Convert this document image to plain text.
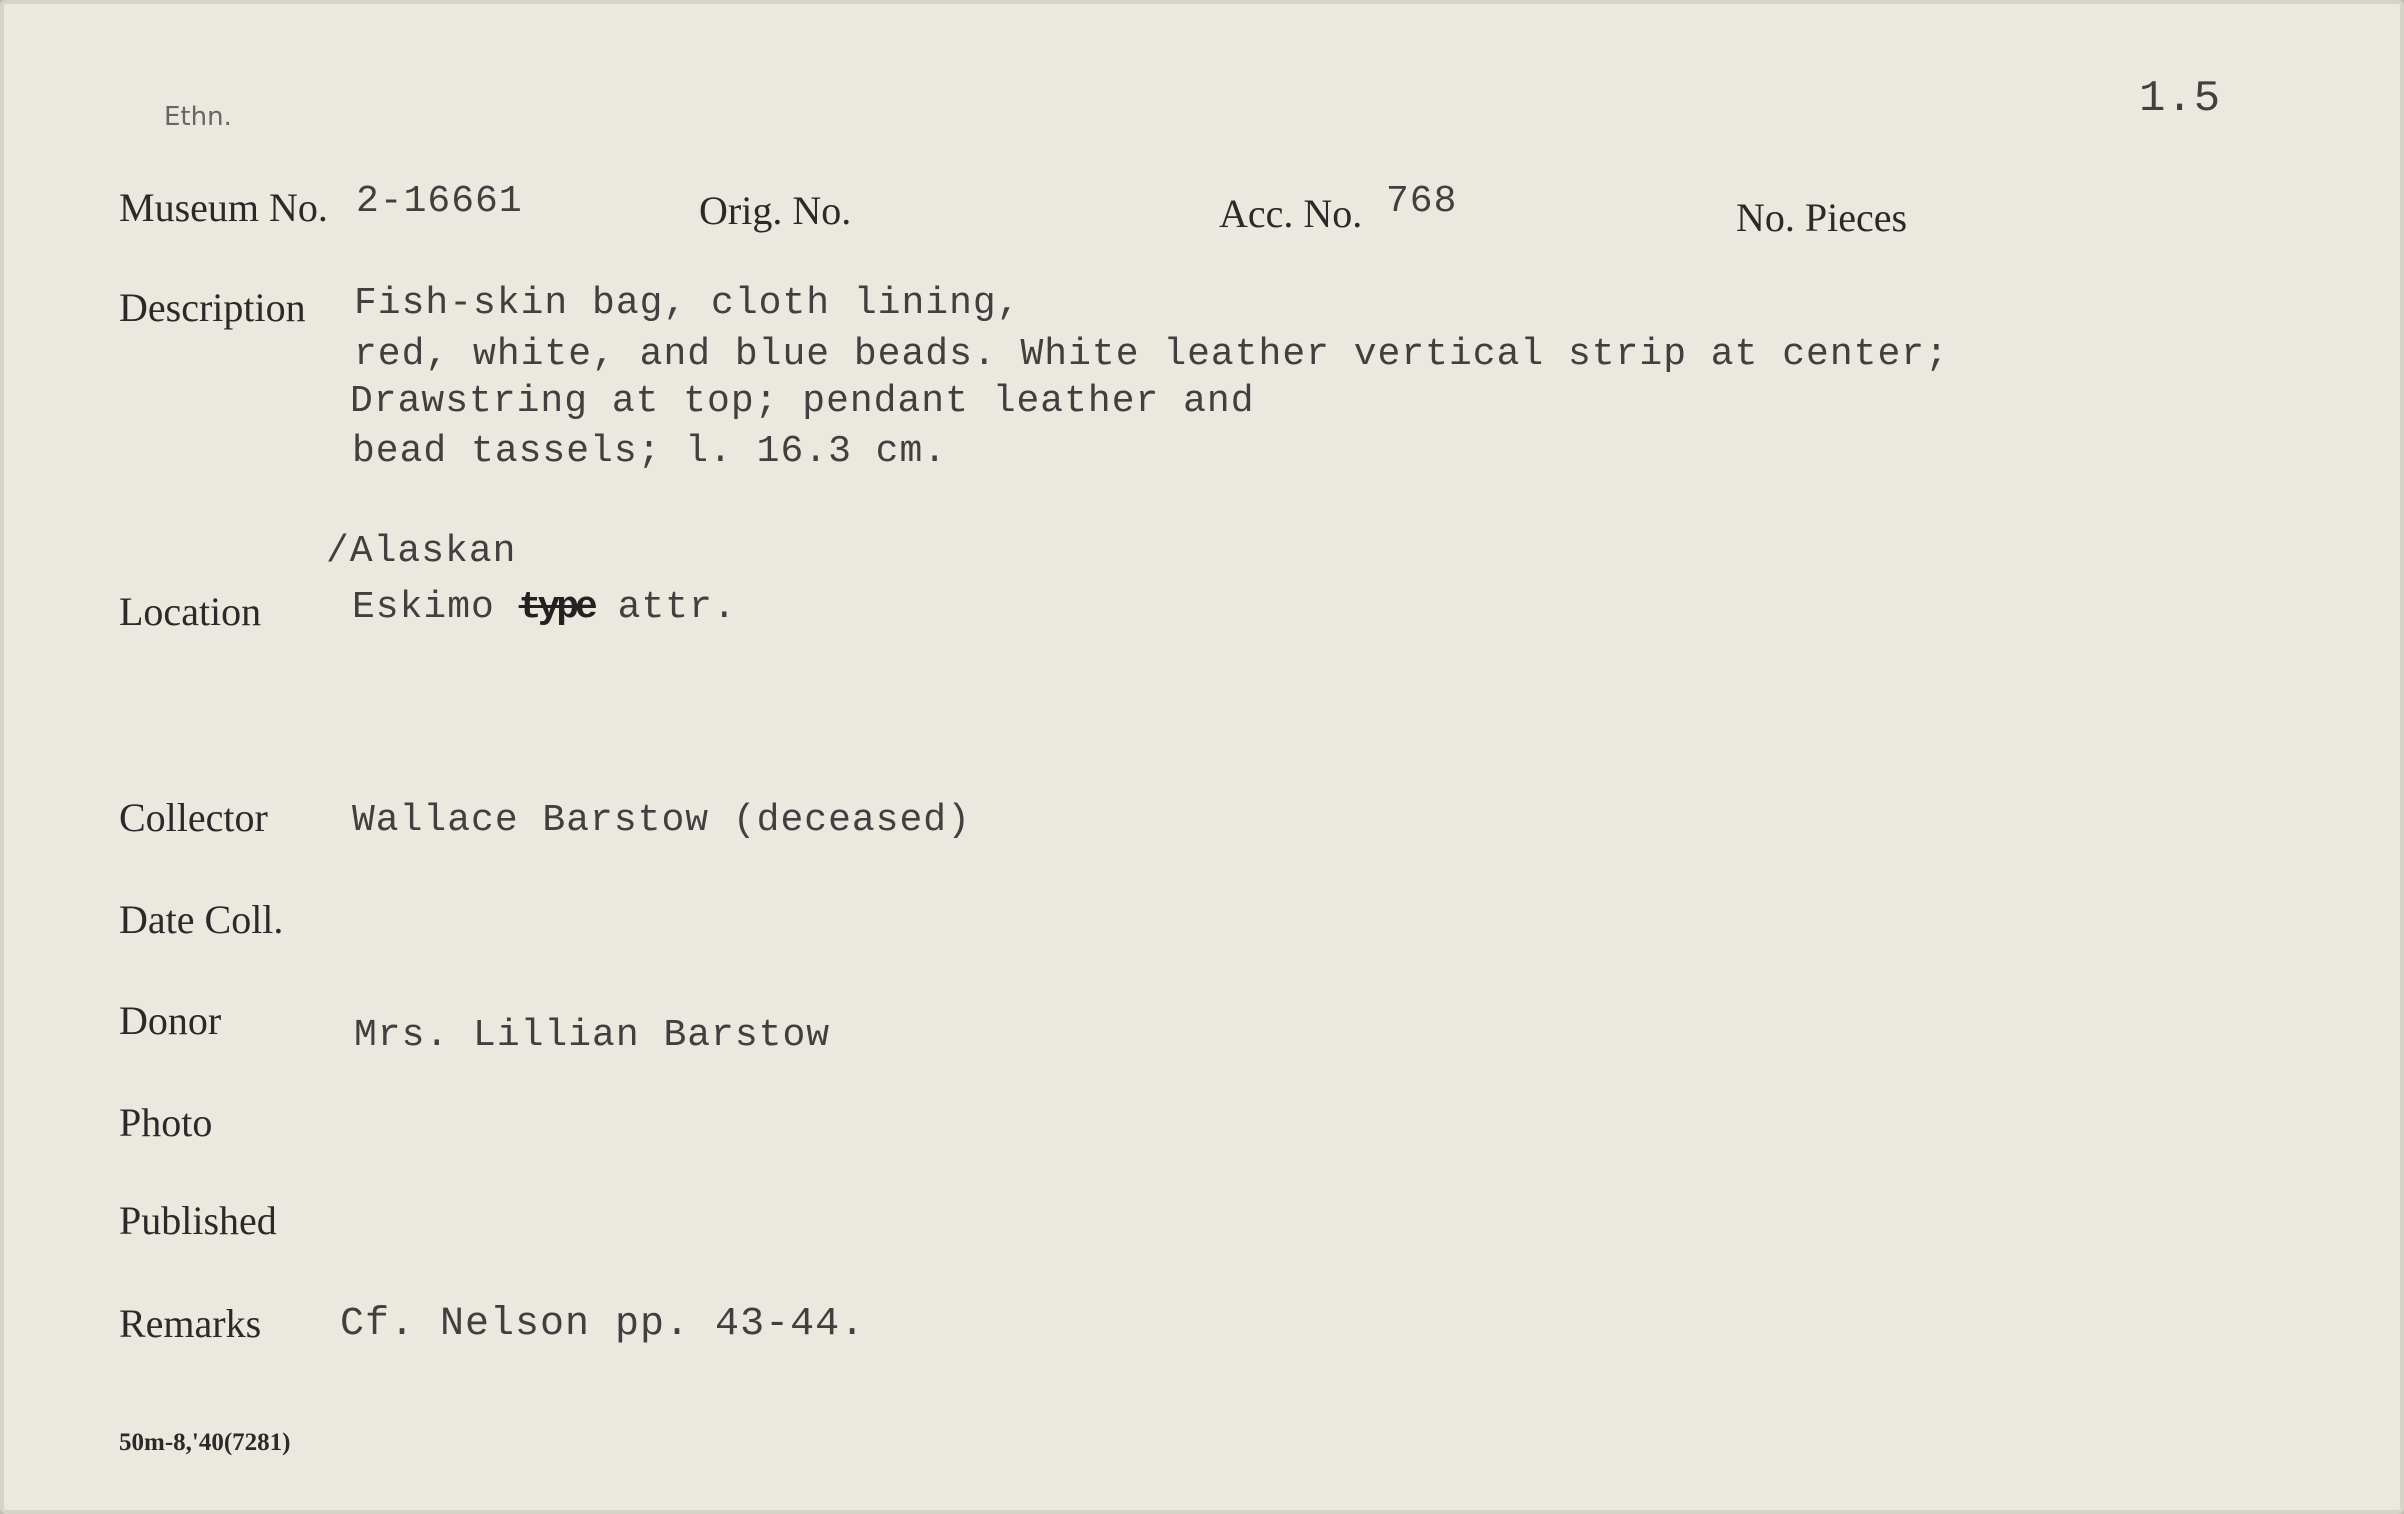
Ethn.	1.5
Museum No. 2-16661	Orig. No.	Acc. No. 768	No. Pieces
Description Fish-skin bag, cloth lining,
red, white, and blue beads. White leather vertical strip at center;
Drawstring at top; pendant leather and
bead tassels; l. 16.3 cm.
/Alaskan
Location Eskimo type attr.
Collector Wallace Barstow (deceased)
Date Coll.
Donor	Mrs. Lillian Barstow
Photo
Published
Remarks Cf. Nelson pp. 43-44.
50m-8,'40(7281)
